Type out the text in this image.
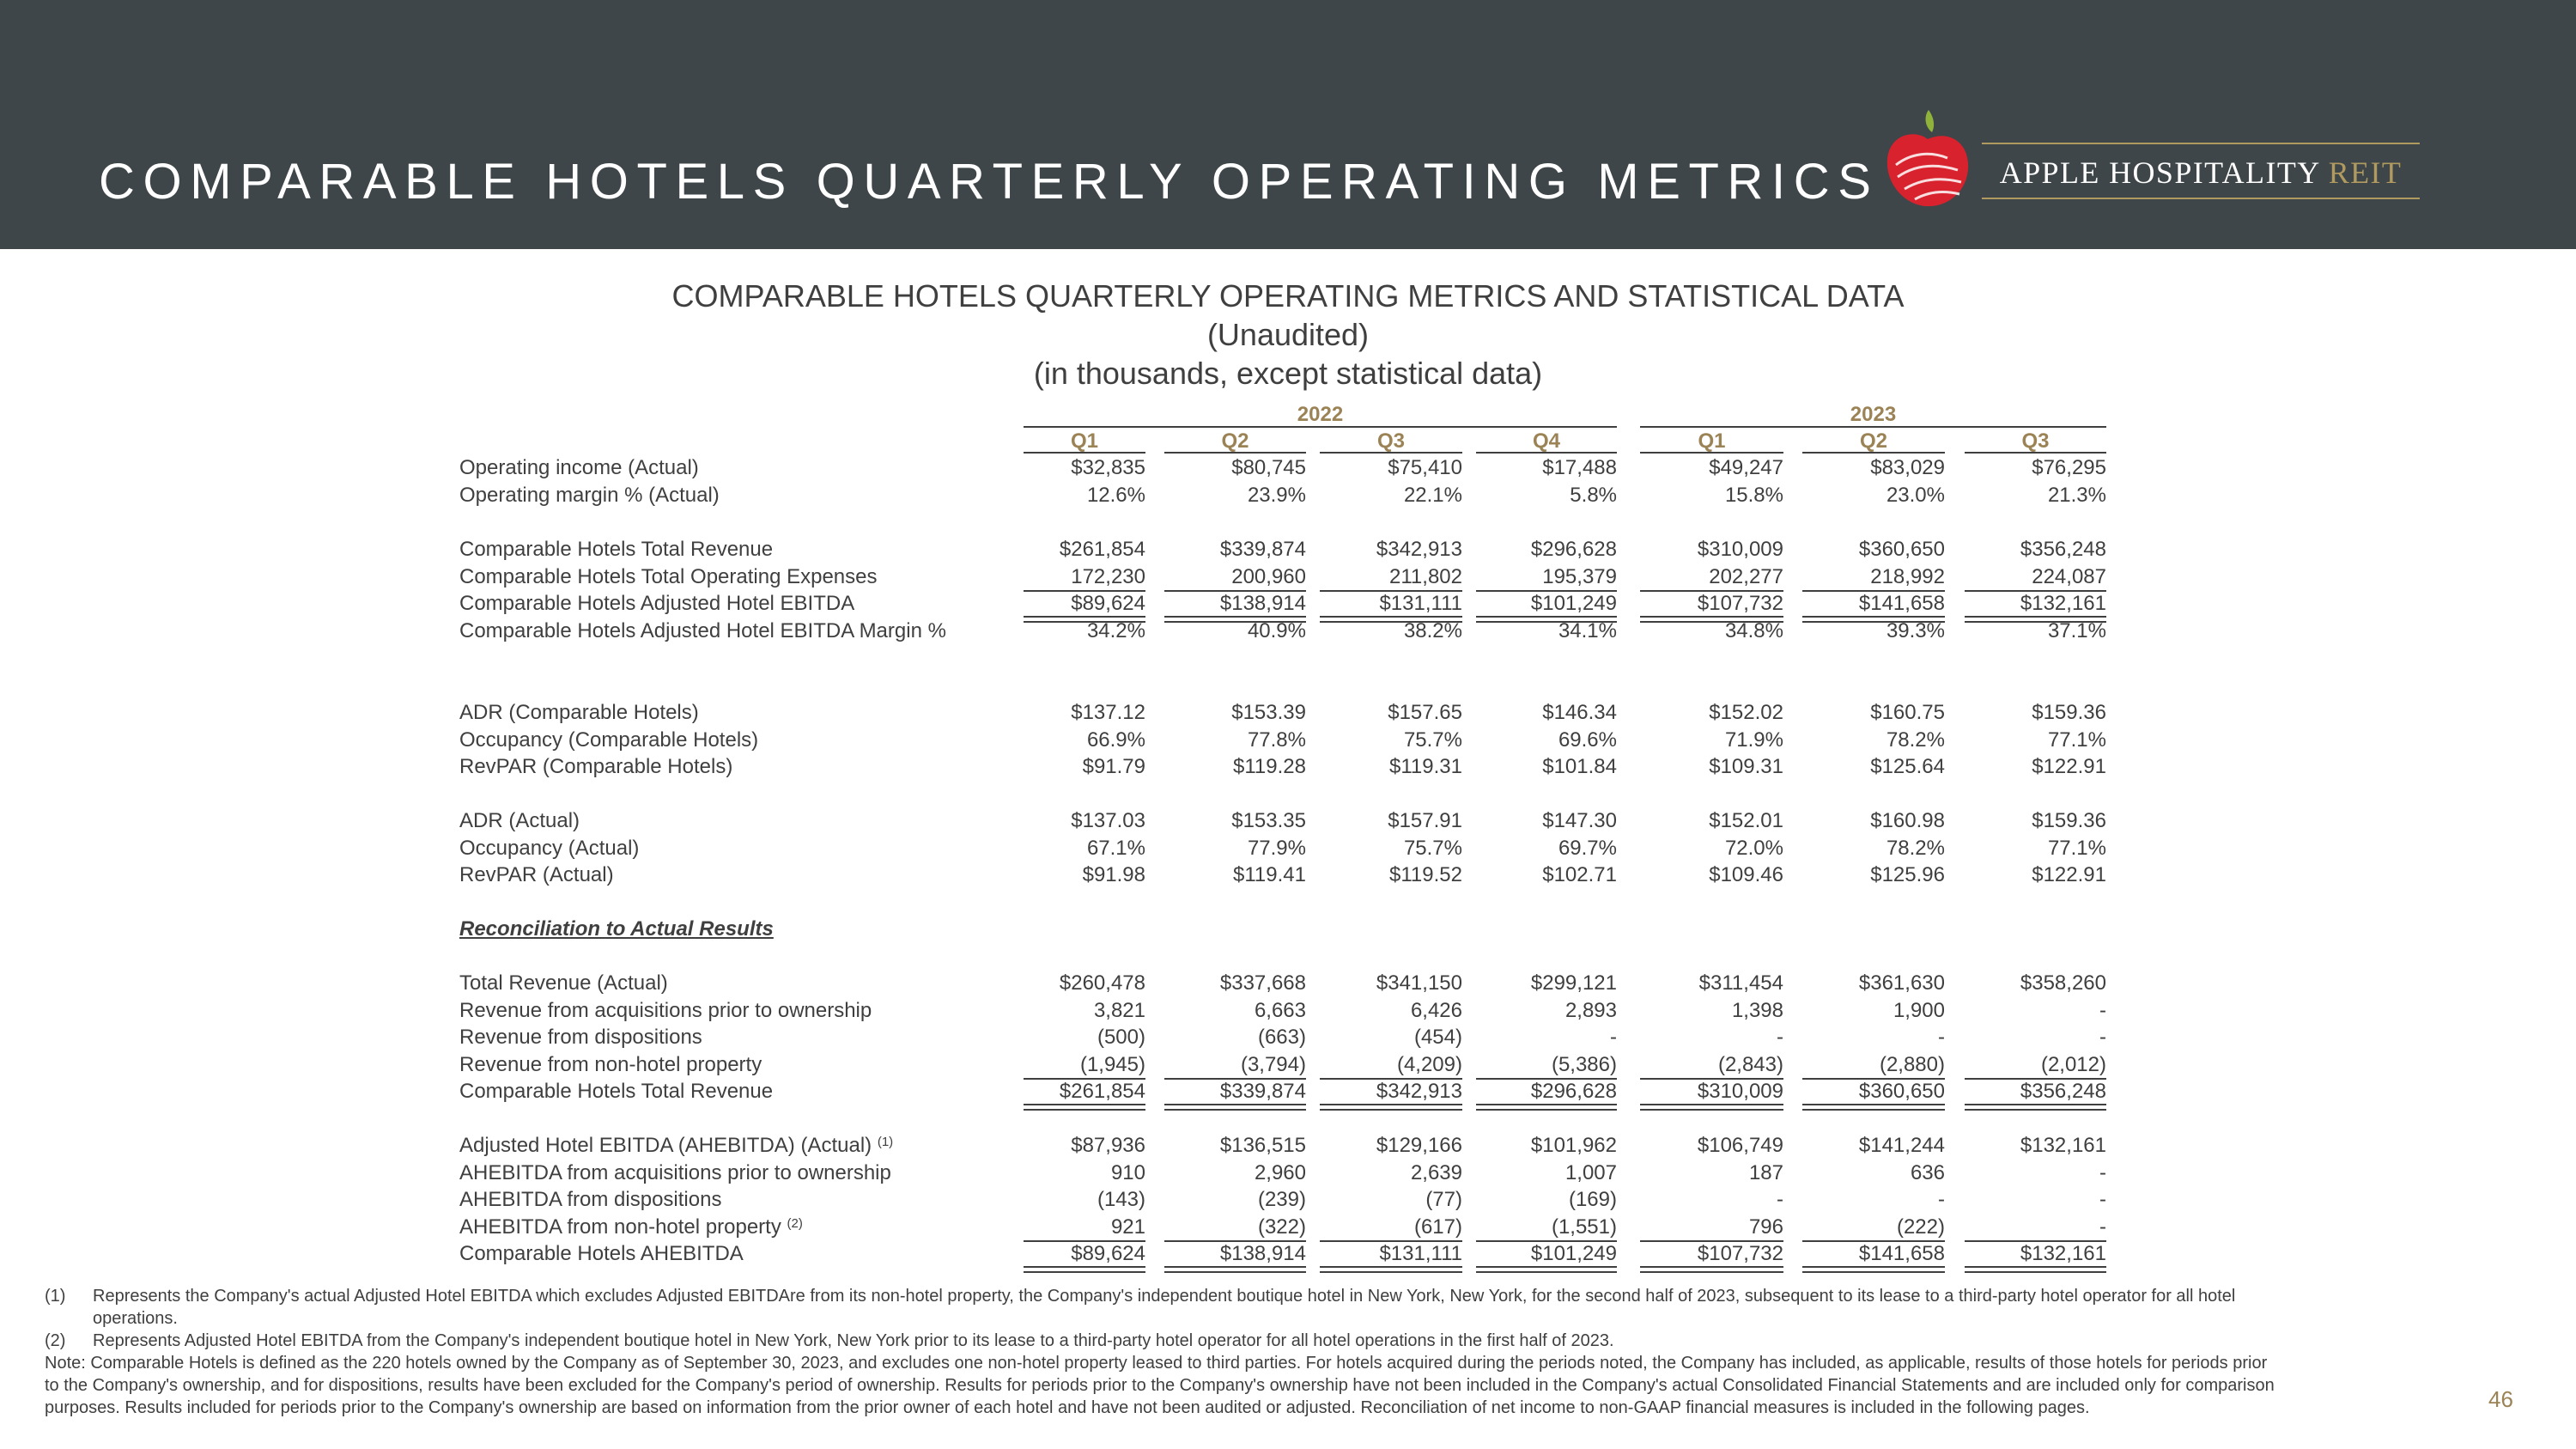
COMPARABLE HOTELS QUARTERLY OPERATING METRICS	APPLE HOSPITALITY REIT
COMPARABLE HOTELS QUARTERLY OPERATING METRICS AND STATISTICAL DATA
(Unaudited)
(in thousands, except statistical data)
2022	2023
Q1	Q2	Q3	Q4	Q1	Q2	Q3
Operating income (Actual)	$32,835	$80,745	$75,410	$17,488	$49,247	$83,029	$76,295
Operating margin % (Actual)	12.6%	23.9%	22.1%	5.8%	15.8%	23.0%	21.3%
Comparable Hotels Total Revenue	$261,854	$339,874	$342,913	$296,628	$310,009	$360,650	$356,248
Comparable Hotels Total Operating Expenses	172,230	200,960	211,802	195,379	202,277	218,992	224,087
Comparable Hotels Adjusted Hotel EBITDA	$89,624	$138,914	$131,111	$101,249	$107,732	$141,658	$132,161
Comparable Hotels Adjusted Hotel EBITDA Margin %	34.2%	40.9%	38.2%	34.1%	34.8%	39.3%	37.1%
ADR (Comparable Hotels)	$137.12	$153.39	$157.65	$146.34	$152.02	$160.75	$159.36
Occupancy (Comparable Hotels)	66.9%	77.8%	75.7%	69.6%	71.9%	78.2%	77.1%
RevPAR (Comparable Hotels)	$91.79	$119.28	$119.31	$101.84	$109.31	$125.64	$122.91
ADR (Actual)	$137.03	$153.35	$157.91	$147.30	$152.01	$160.98	$159.36
Occupancy (Actual)	67.1%	77.9%	75.7%	69.7%	72.0%	78.2%	77.1%
RevPAR (Actual)	$91.98	$119.41	$119.52	$102.71	$109.46	$125.96	$122.91
Reconciliation to Actual Results
Total Revenue (Actual)	$260,478	$337,668	$341,150	$299,121	$311,454	$361,630	$358,260
Revenue from acquisitions prior to ownership	3,821	6,663	6,426	2,893	1,398	1,900	-
Revenue from dispositions	(500)	(663)	(454)	-	-	-	-
Revenue from non-hotel property	(1,945)	(3,794)	(4,209)	(5,386)	(2,843)	(2,880)	(2,012)
Comparable Hotels Total Revenue	$261,854	$339,874	$342,913	$296,628	$310,009	$360,650	$356,248
Adjusted Hotel EBITDA (AHEBITDA) (Actual) $^{(1)}$	$87,936	$136,515	$129,166	$101,962	$106,749	$141,244	$132,161
AHEBITDA from acquisitions prior to ownership	910	2,960	2,639	1,007	187	636	-
AHEBITDA from dispositions	(143)	(239)	(77)	(169)	-	-	-
AHEBITDA from non-hotel property $^{(2)}$	921	(322)	(617)	(1,551)	796	(222)	-
Comparable Hotels AHEBITDA	$89,624	$138,914	$131,111	$101,249	$107,732	$141,658	$132,161
(1) Represents the Company's actual Adjusted Hotel EBITDA which excludes Adjusted EBITDAre from its non-hotel property, the Company's independent boutique hotel in New York, New York, for the second half of 2023, subsequent to its lease to a third-party hotel operator for all hotel
operations.
(2) Represents Adjusted Hotel EBITDA from the Company's independent boutique hotel in New York, New York prior to its lease to a third-party hotel operator for all hotel operations in the first half of 2023.
Note: Comparable Hotels is defined as the 220 hotels owned by the Company as of September 30, 2023, and excludes one non-hotel property leased to third parties. For hotels acquired during the periods noted, the Company has included, as applicable, results of those hotels for periods prior
to the Company's ownership, and for dispositions, results have been excluded for the Company's period of ownership. Results for periods prior to the Company's ownership have not been included in the Company's actual Consolidated Financial Statements and are included only for comparison
purposes. Results included for periods prior to the Company's ownership are based on information from the prior owner of each hotel and have not been audited or adjusted. Reconciliation of net income to non-GAAP financial measures is included in the following pages.	46
